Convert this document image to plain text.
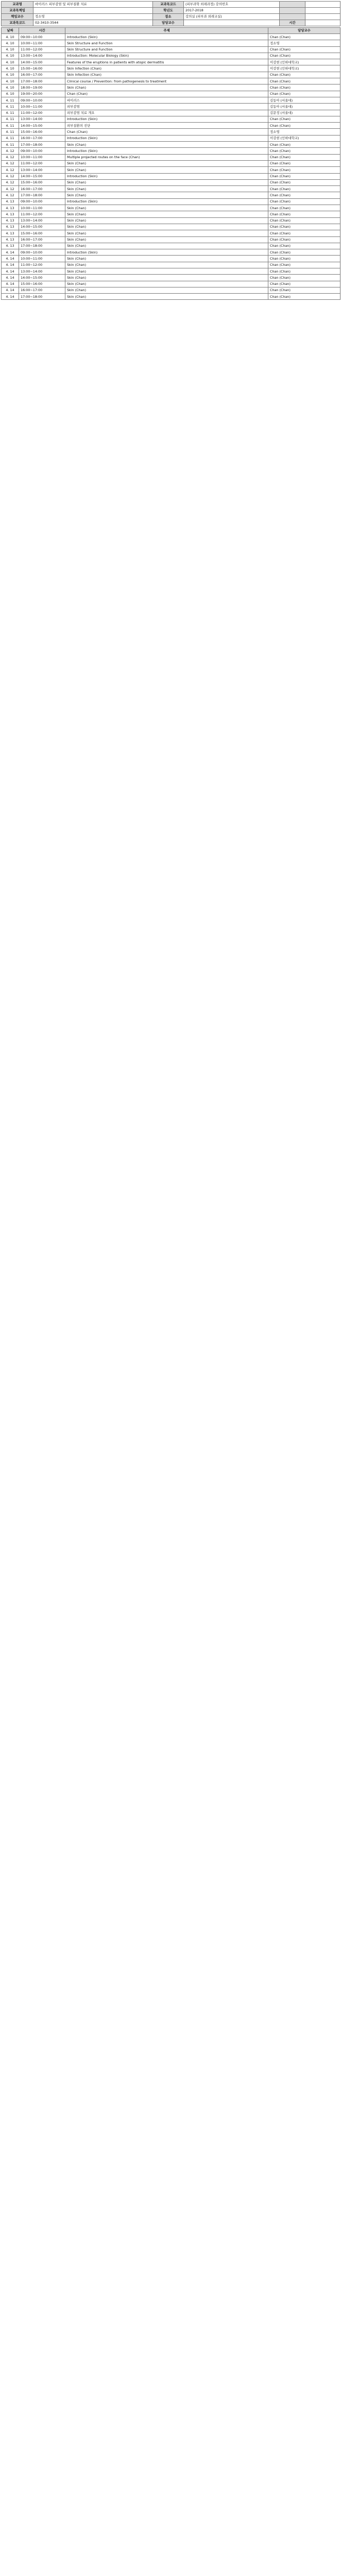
교과명	바이러스 피부감염 및 피부질환 치료	교과목코드	(피부과학 외래과정) 강의번호		
교과목책임		학년도	2017-2018		
책임교수	정소영	장소	강의실 (피부과 외래교실)		
교과목코드	02-3410-3544	담당교수		시간	
날짜	시간	주제	담당교수
4. 10	09:00~10:00	Introduction (Skin)	Chan (Chan)
4. 10	10:00~11:00	Skin Structure and Function	정소영
4. 10	11:00~12:00	Skin Structure and Function	Chan (Chan)
4. 10	13:00~14:00	Introduction: Molecular Biology (Skin)	Chan (Chan)
4. 10	14:00~15:00	Features of the eruptions in patients with atopic dermatitis	이강현 (인하대학교)
4. 10	15:00~16:00	Skin Infection (Chan)	이강현 (인하대학교)
4. 10	16:00~17:00	Skin Infection (Chan)	Chan (Chan)
4. 10	17:00~18:00	Clinical course / Prevention: from pathogenesis to treatment	Chan (Chan)
4. 10	18:00~19:00	Skin (Chan)	Chan (Chan)
4. 10	19:00~20:00	Chan (Chan)	Chan (Chan)
4. 11	09:00~10:00	바이러스	김동아 (서울대)
4. 11	10:00~11:00	피부감염	김동아 (서울대)
4. 11	11:00~12:00	피부감염 치료 개요	김문정 (서울대)
4. 11	13:00~14:00	Introduction (Skin)	Chan (Chan)
4. 11	14:00~15:00	피부질환의 진단	Chan (Chan)
4. 11	15:00~16:00	Chan (Chan)	정소영
4. 11	16:00~17:00	Introduction (Skin)	이강현 (인하대학교)
4. 11	17:00~18:00	Skin (Chan)	Chan (Chan)
4. 12	09:00~10:00	Introduction (Skin)	Chan (Chan)
4. 12	10:00~11:00	Multiple projected routes on the face (Chan)	Chan (Chan)
4. 12	11:00~12:00	Skin (Chan)	Chan (Chan)
4. 12	13:00~14:00	Skin (Chan)	Chan (Chan)
4. 12	14:00~15:00	Introduction (Skin)	Chan (Chan)
4. 12	15:00~16:00	Skin (Chan)	Chan (Chan)
4. 12	16:00~17:00	Skin (Chan)	Chan (Chan)
4. 12	17:00~18:00	Skin (Chan)	Chan (Chan)
4. 13	09:00~10:00	Introduction (Skin)	Chan (Chan)
4. 13	10:00~11:00	Skin (Chan)	Chan (Chan)
4. 13	11:00~12:00	Skin (Chan)	Chan (Chan)
4. 13	13:00~14:00	Skin (Chan)	Chan (Chan)
4. 13	14:00~15:00	Skin (Chan)	Chan (Chan)
4. 13	15:00~16:00	Skin (Chan)	Chan (Chan)
4. 13	16:00~17:00	Skin (Chan)	Chan (Chan)
4. 13	17:00~18:00	Skin (Chan)	Chan (Chan)
4. 14	09:00~10:00	Introduction (Skin)	Chan (Chan)
4. 14	10:00~11:00	Skin (Chan)	Chan (Chan)
4. 14	11:00~12:00	Skin (Chan)	Chan (Chan)
4. 14	13:00~14:00	Skin (Chan)	Chan (Chan)
4. 14	14:00~15:00	Skin (Chan)	Chan (Chan)
4. 14	15:00~16:00	Skin (Chan)	Chan (Chan)
4. 14	16:00~17:00	Skin (Chan)	Chan (Chan)
4. 14	17:00~18:00	Skin (Chan)	Chan (Chan)
